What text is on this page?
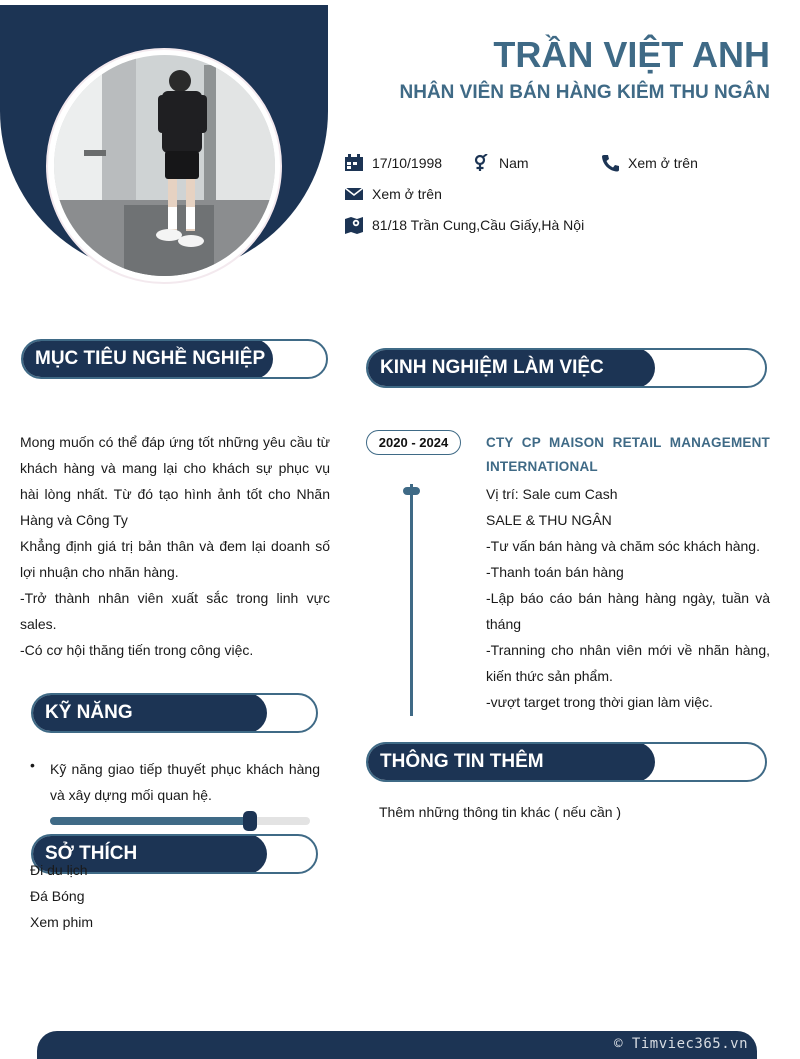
TRẦN VIỆT ANH
NHÂN VIÊN BÁN HÀNG KIÊM THU NGÂN
17/10/1998	Nam	Xem ở trên
Xem ở trên
81/18 Trần Cung,Cầu Giấy,Hà Nội
MỤC TIÊU NGHỀ NGHIỆP

Mong muốn có thể đáp ứng tốt những yêu cầu từ khách hàng và mang lại cho khách sự phục vụ hài lòng nhất. Từ đó tạo hình ảnh tốt cho Nhãn Hàng và Công Ty

Khẳng định giá trị bản thân và đem lại doanh số lợi nhuận cho nhãn hàng.

-Trở thành nhân viên xuất sắc trong linh vực sales.

-Có cơ hội thăng tiến trong công việc.

KỸ NĂNG
• Kỹ năng giao tiếp thuyết phục khách hàng và xây dựng mối quan hệ.
SỞ THÍCH
Đi du lịch
Đá Bóng
Xem phim
KINH NGHIỆM LÀM VIỆC
2020 - 2024	CTY CP MAISON RETAIL MANAGEMENT INTERNATIONAL

Vị trí: Sale cum Cash

SALE & THU NGÂN

-Tư vấn bán hàng và chăm sóc khách hàng.

-Thanh toán bán hàng

-Lập báo cáo bán hàng hàng ngày, tuần và tháng

-Tranning cho nhân viên mới về nhãn hàng, kiến thức sản phẩm.

-vượt target trong thời gian làm việc.

THÔNG TIN THÊM
Thêm những thông tin khác ( nếu cần )
© Timviec365.vn
